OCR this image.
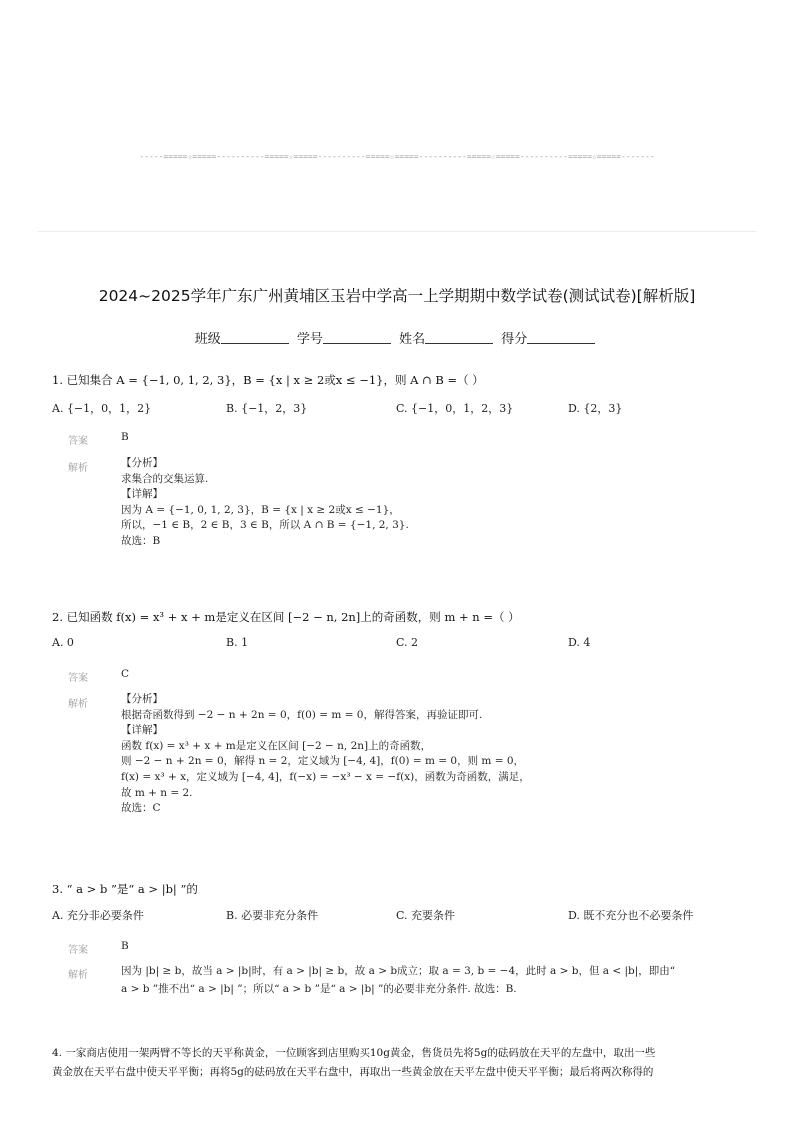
-----=====☆=====----------=====☆=====----------=====☆=====----------=====☆=====----------=====☆=====-------
2024~2025学年广东广州黄埔区玉岩中学高一上学期期中数学试卷(测试试卷)[解析版]
班级	学号	姓名	得分
1. 已知集合 A = {−1, 0, 1, 2, 3}，B = {x | x ≥ 2或x ≤ −1}，则 A ∩ B =（ ）
A. {−1，0，1，2}	B. {−1，2，3}	C. {−1，0，1，2，3}	D. {2，3}
答案	B
解析	【分析】
求集合的交集运算.
【详解】
因为 A = {−1, 0, 1, 2, 3}，B = {x | x ≥ 2或x ≤ −1}，
所以，−1 ∈ B，2 ∈ B，3 ∈ B，所以 A ∩ B = {−1, 2, 3}.
故选：B
2. 已知函数 f(x) = x³ + x + m是定义在区间 [−2 − n, 2n]上的奇函数，则 m + n =（ ）
A. 0	B. 1	C. 2	D. 4
答案	C
解析	【分析】
根据奇函数得到 −2 − n + 2n = 0，f(0) = m = 0，解得答案，再验证即可.
【详解】
函数 f(x) = x³ + x + m是定义在区间 [−2 − n, 2n]上的奇函数，
则 −2 − n + 2n = 0，解得 n = 2，定义域为 [−4, 4]，f(0) = m = 0，则 m = 0，
f(x) = x³ + x，定义域为 [−4, 4]，f(−x) = −x³ − x = −f(x)，函数为奇函数，满足，
故 m + n = 2.
故选：C
3. “ a > b ”是“ a > |b| ”的
A. 充分非必要条件	B. 必要非充分条件	C. 充要条件	D. 既不充分也不必要条件
答案	B
解析	因为 |b| ≥ b，故当 a > |b|时，有 a > |b| ≥ b，故 a > b成立；取 a = 3, b = −4，此时 a > b，但 a < |b|，即由“
a > b ”推不出“ a > |b| ”；所以“ a > b ”是“ a > |b| ”的必要非充分条件. 故选：B.
4. 一家商店使用一架两臂不等长的天平称黄金，一位顾客到店里购买10g黄金，售货员先将5g的砝码放在天平的左盘中，取出一些
黄金放在天平右盘中使天平平衡；再将5g的砝码放在天平右盘中，再取出一些黄金放在天平左盘中使天平平衡；最后将两次称得的
